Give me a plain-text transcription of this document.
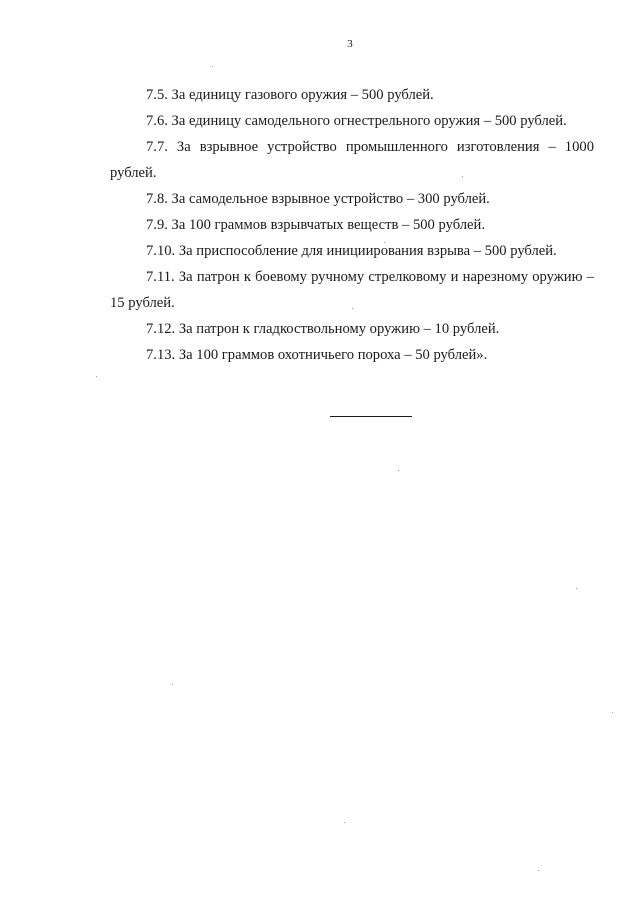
3

7.5. За единицу газового оружия – 500 рублей.

7.6. За единицу самодельного огнестрельного оружия – 500 рублей.

7.7. За взрывное устройство промышленного изготовления – 1000 рублей.

7.8. За самодельное взрывное устройство – 300 рублей.

7.9. За 100 граммов взрывчатых веществ – 500 рублей.

7.10. За приспособление для инициирования взрыва – 500 рублей.

7.11. За патрон к боевому ручному стрелковому и нарезному оружию – 15 рублей.

7.12. За патрон к гладкоствольному оружию – 10 рублей.

7.13. За 100 граммов охотничьего пороха – 50 рублей».
